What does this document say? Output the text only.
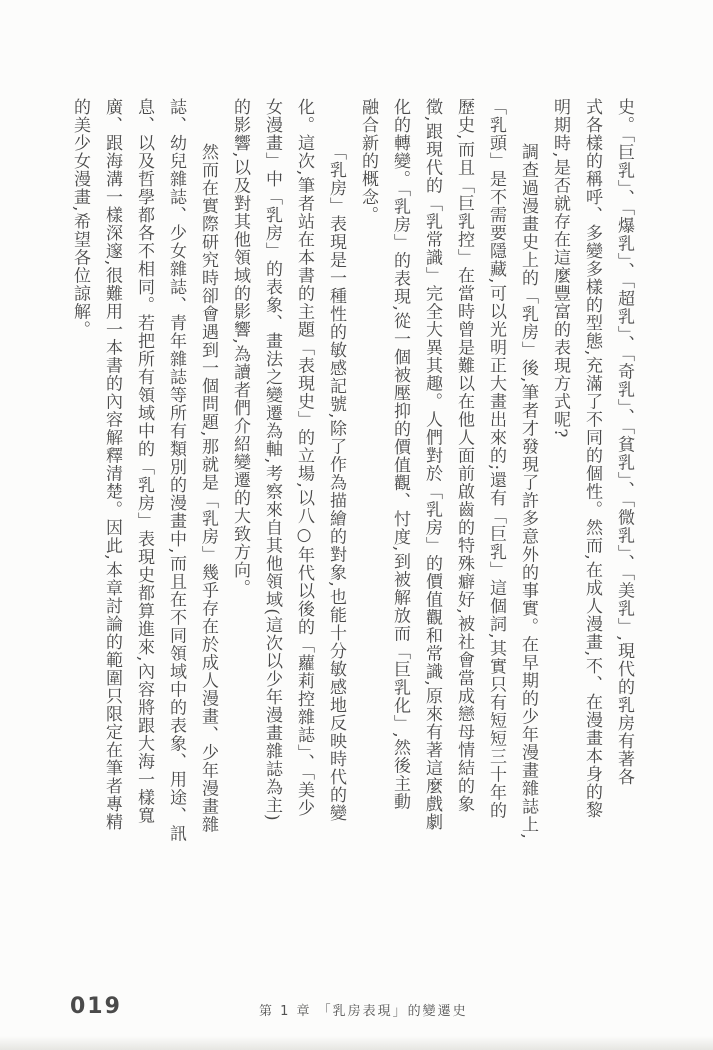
史。「巨乳」、「爆乳」、「超乳」、「奇乳」、「貧乳」、「微乳」、「美乳」,現代的乳房有著各
式各樣的稱呼、多變多樣的型態,充滿了不同的個性。然而,在成人漫畫,不、在漫畫本身的黎
明期時,是否就存在這麼豐富的表現方式呢?
調查過漫畫史上的「乳房」後,筆者才發現了許多意外的事實。在早期的少年漫畫雜誌上,
「乳頭」是不需要隱藏,可以光明正大畫出來的;還有「巨乳」這個詞,其實只有短短三十年的
歷史,而且「巨乳控」在當時曾是難以在他人面前啟齒的特殊癖好,被社會當成戀母情結的象
徵,跟現代的「乳常識」完全大異其趣。人們對於「乳房」的價值觀和常識,原來有著這麼戲劇
化的轉變。「乳房」的表現,從一個被壓抑的價值觀、忖度,到被解放而「巨乳化」,然後主動
融合新的概念。
「乳房」表現是一種性的敏感記號,除了作為描繪的對象,也能十分敏感地反映時代的變
化。這次,筆者站在本書的主題「表現史」的立場,以八○年代以後的「蘿莉控雜誌」、「美少
女漫畫」中「乳房」的表象、畫法之變遷為軸,考察來自其他領域(這次以少年漫畫雜誌為主)
的影響,以及對其他領域的影響,為讀者們介紹變遷的大致方向。
然而在實際研究時卻會遇到一個問題,那就是「乳房」幾乎存在於成人漫畫、少年漫畫雜
誌、幼兒雜誌、少女雜誌、青年雜誌等所有類別的漫畫中,而且在不同領域中的表象、用途、訊
息、以及哲學都各不相同。若把所有領域中的「乳房」表現史都算進來,內容將跟大海一樣寬
廣、跟海溝一樣深邃,很難用一本書的內容解釋清楚。因此,本章討論的範圍只限定在筆者專精
的美少女漫畫,希望各位諒解。
019	第 1 章 「乳房表現」的變遷史
